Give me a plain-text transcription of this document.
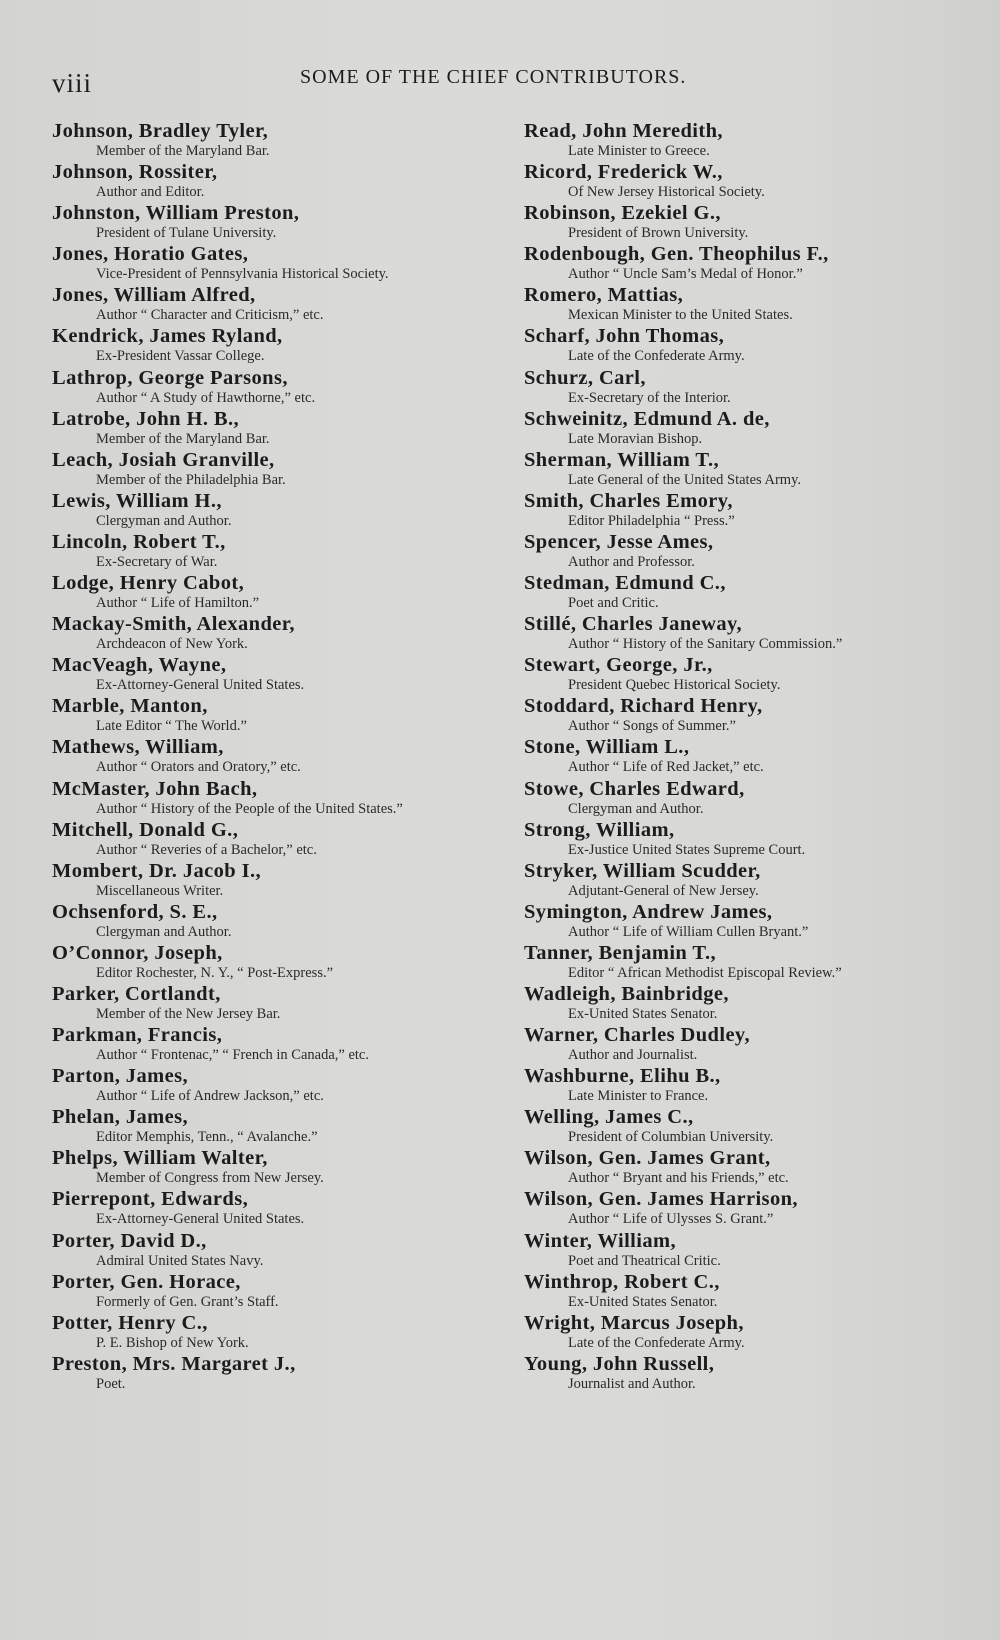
viii	SOME OF THE CHIEF CONTRIBUTORS.
Johnson, Bradley Tyler,
Member of the Maryland Bar.
Johnson, Rossiter,
Author and Editor.
Johnston, William Preston,
President of Tulane University.
Jones, Horatio Gates,
Vice-President of Pennsylvania Historical Society.
Jones, William Alfred,
Author “ Character and Criticism,” etc.
Kendrick, James Ryland,
Ex-President Vassar College.
Lathrop, George Parsons,
Author “ A Study of Hawthorne,” etc.
Latrobe, John H. B.,
Member of the Maryland Bar.
Leach, Josiah Granville,
Member of the Philadelphia Bar.
Lewis, William H.,
Clergyman and Author.
Lincoln, Robert T.,
Ex-Secretary of War.
Lodge, Henry Cabot,
Author “ Life of Hamilton.”
Mackay-Smith, Alexander,
Archdeacon of New York.
MacVeagh, Wayne,
Ex-Attorney-General United States.
Marble, Manton,
Late Editor “ The World.”
Mathews, William,
Author “ Orators and Oratory,” etc.
McMaster, John Bach,
Author “ History of the People of the United States.”
Mitchell, Donald G.,
Author “ Reveries of a Bachelor,” etc.
Mombert, Dr. Jacob I.,
Miscellaneous Writer.
Ochsenford, S. E.,
Clergyman and Author.
O’Connor, Joseph,
Editor Rochester, N. Y., “ Post-Express.”
Parker, Cortlandt,
Member of the New Jersey Bar.
Parkman, Francis,
Author “ Frontenac,” “ French in Canada,” etc.
Parton, James,
Author “ Life of Andrew Jackson,” etc.
Phelan, James,
Editor Memphis, Tenn., “ Avalanche.”
Phelps, William Walter,
Member of Congress from New Jersey.
Pierrepont, Edwards,
Ex-Attorney-General United States.
Porter, David D.,
Admiral United States Navy.
Porter, Gen. Horace,
Formerly of Gen. Grant’s Staff.
Potter, Henry C.,
P. E. Bishop of New York.
Preston, Mrs. Margaret J.,
Poet.
Read, John Meredith,
Late Minister to Greece.
Ricord, Frederick W.,
Of New Jersey Historical Society.
Robinson, Ezekiel G.,
President of Brown University.
Rodenbough, Gen. Theophilus F.,
Author “ Uncle Sam’s Medal of Honor.”
Romero, Mattias,
Mexican Minister to the United States.
Scharf, John Thomas,
Late of the Confederate Army.
Schurz, Carl,
Ex-Secretary of the Interior.
Schweinitz, Edmund A. de,
Late Moravian Bishop.
Sherman, William T.,
Late General of the United States Army.
Smith, Charles Emory,
Editor Philadelphia “ Press.”
Spencer, Jesse Ames,
Author and Professor.
Stedman, Edmund C.,
Poet and Critic.
Stillé, Charles Janeway,
Author “ History of the Sanitary Commission.”
Stewart, George, Jr.,
President Quebec Historical Society.
Stoddard, Richard Henry,
Author “ Songs of Summer.”
Stone, William L.,
Author “ Life of Red Jacket,” etc.
Stowe, Charles Edward,
Clergyman and Author.
Strong, William,
Ex-Justice United States Supreme Court.
Stryker, William Scudder,
Adjutant-General of New Jersey.
Symington, Andrew James,
Author “ Life of William Cullen Bryant.”
Tanner, Benjamin T.,
Editor “ African Methodist Episcopal Review.”
Wadleigh, Bainbridge,
Ex-United States Senator.
Warner, Charles Dudley,
Author and Journalist.
Washburne, Elihu B.,
Late Minister to France.
Welling, James C.,
President of Columbian University.
Wilson, Gen. James Grant,
Author “ Bryant and his Friends,” etc.
Wilson, Gen. James Harrison,
Author “ Life of Ulysses S. Grant.”
Winter, William,
Poet and Theatrical Critic.
Winthrop, Robert C.,
Ex-United States Senator.
Wright, Marcus Joseph,
Late of the Confederate Army.
Young, John Russell,
Journalist and Author.
